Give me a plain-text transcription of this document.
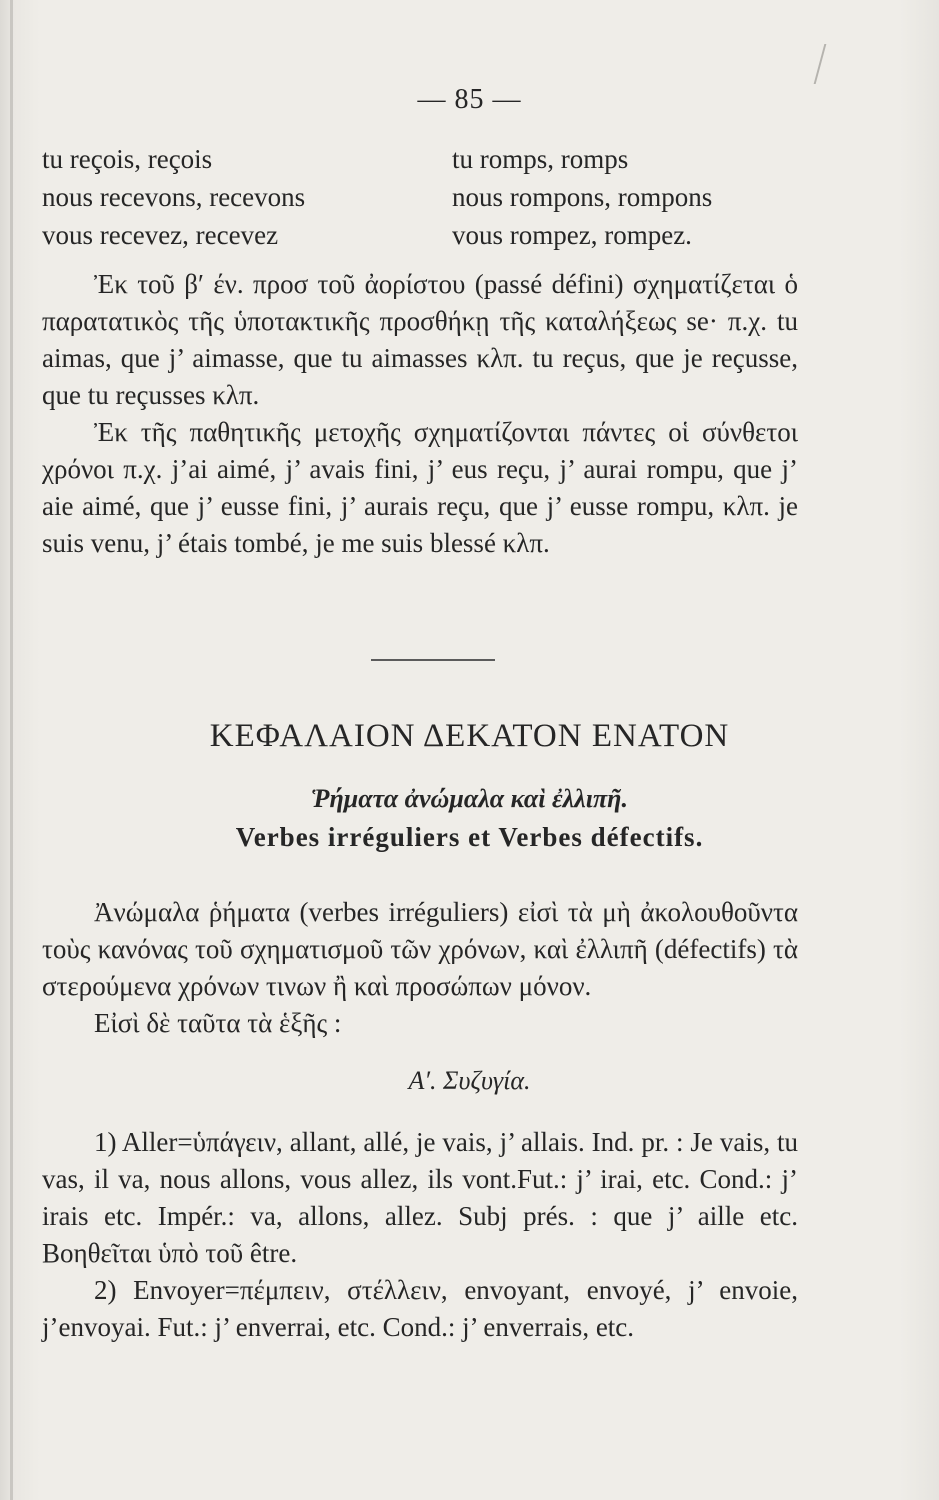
— 85 —
tu reçois, reçois
nous recevons, recevons
vous recevez, recevez
tu romps, romps
nous rompons, rompons
vous rompez, rompez.

Ἐκ τοῦ β′ έν. προσ τοῦ ἀορίστου (passé défini) σχηματίζεται ὁ παρατατικὸς τῆς ὑποτακτικῆς προσθήκῃ τῆς καταλήξεως se· π.χ. tu aimas, que j’ aimasse, que tu aimasses κλπ. tu reçus, que je reçusse, que tu reçusses κλπ.

Ἐκ τῆς παθητικῆς μετοχῆς σχηματίζονται πάντες οἱ σύνθετοι χρόνοι π.χ. j’ai aimé, j’ avais fini, j’ eus reçu, j’ aurai rompu, que j’ aie aimé, que j’ eusse fini, j’ aurais reçu, que j’ eusse rompu, κλπ. je suis venu, j’ étais tombé, je me suis blessé κλπ.

ΚΕΦΑΛΑΙΟΝ ΔΕΚΑΤΟΝ ΕΝΑΤΟΝ
Ῥήματα ἀνώμαλα καὶ ἐλλιπῆ.
Verbes irréguliers et Verbes défectifs.

Ἀνώμαλα ῥήματα (verbes irréguliers) εἰσὶ τὰ μὴ ἀκολουθοῦντα τοὺς κανόνας τοῦ σχηματισμοῦ τῶν χρόνων, καὶ ἐλλιπῆ (défectifs) τὰ στερούμενα χρόνων τινων ἢ καὶ προσώπων μόνον.

Εἰσὶ δὲ ταῦτα τὰ ἑξῆς :

Α′. Συζυγία.

1) Aller=ὑπάγειν, allant, allé, je vais, j’ allais. Ind. pr. : Je vais, tu vas, il va, nous allons, vous allez, ils vont.Fut.: j’ irai, etc. Cond.: j’ irais etc. Impér.: va, allons, allez. Subj prés. : que j’ aille etc. Βοηθεῖται ὑπὸ τοῦ être.

2) Envoyer=πέμπειν, στέλλειν, envoyant, envoyé, j’ envoie, j’envoyai. Fut.: j’ enverrai, etc. Cond.: j’ enverrais, etc.
